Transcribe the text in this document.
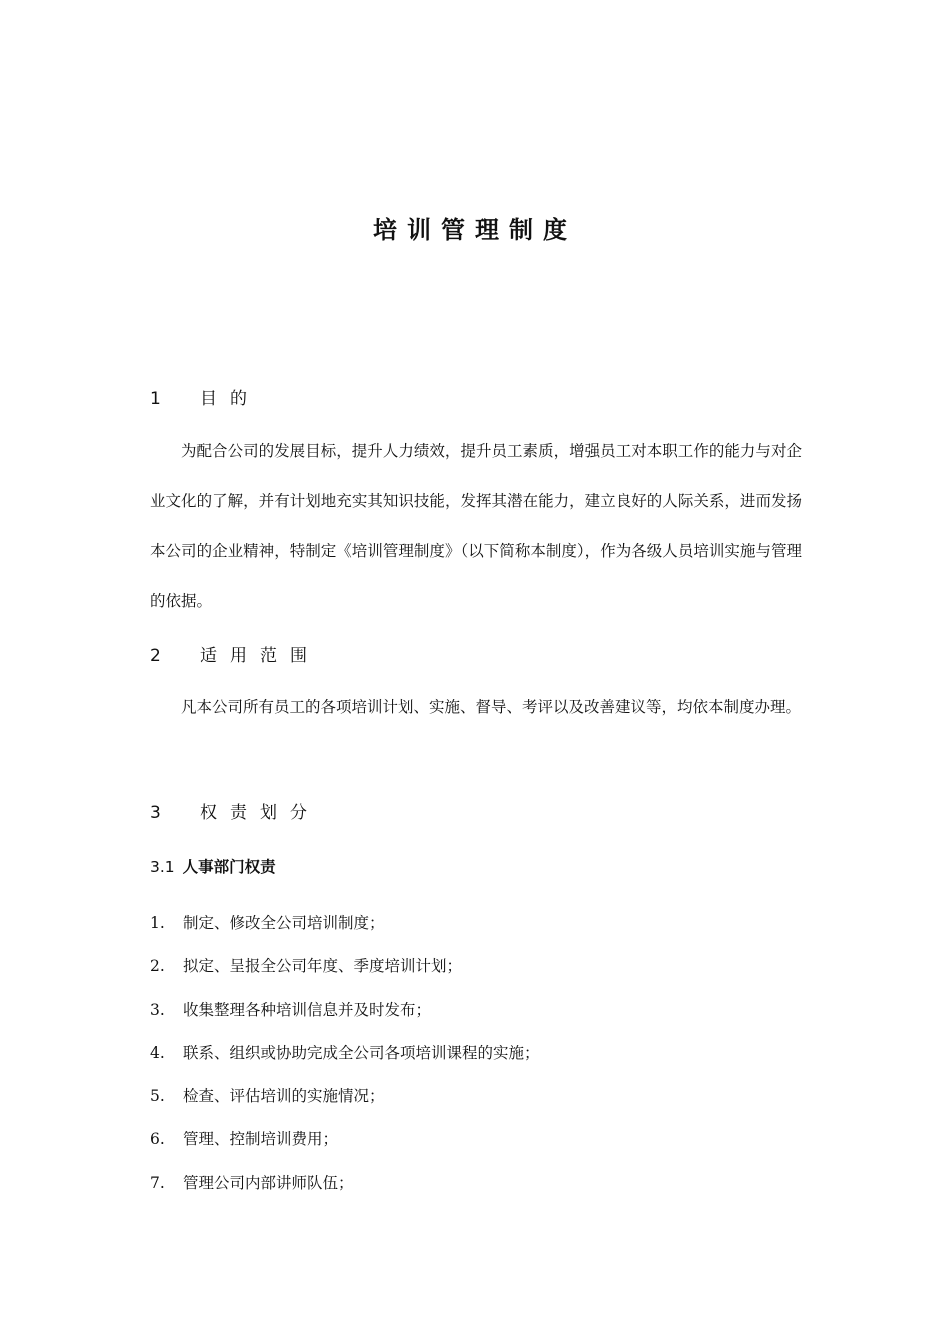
培训管理制度
1 目的

为配合公司的发展目标，提升人力绩效，提升员工素质，增强员工对本职工作的能力与对企业文化的了解，并有计划地充实其知识技能，发挥其潜在能力，建立良好的人际关系，进而发扬本公司的企业精神，特制定《培训管理制度》（以下简称本制度），作为各级人员培训实施与管理的依据。

2 适用范围

凡本公司所有员工的各项培训计划、实施、督导、考评以及改善建议等，均依本制度办理。

3 权责划分
3.1 人事部门权责
1. 制定、修改全公司培训制度；
2. 拟定、呈报全公司年度、季度培训计划；
3. 收集整理各种培训信息并及时发布；
4. 联系、组织或协助完成全公司各项培训课程的实施；
5. 检查、评估培训的实施情况；
6. 管理、控制培训费用；
7. 管理公司内部讲师队伍；
